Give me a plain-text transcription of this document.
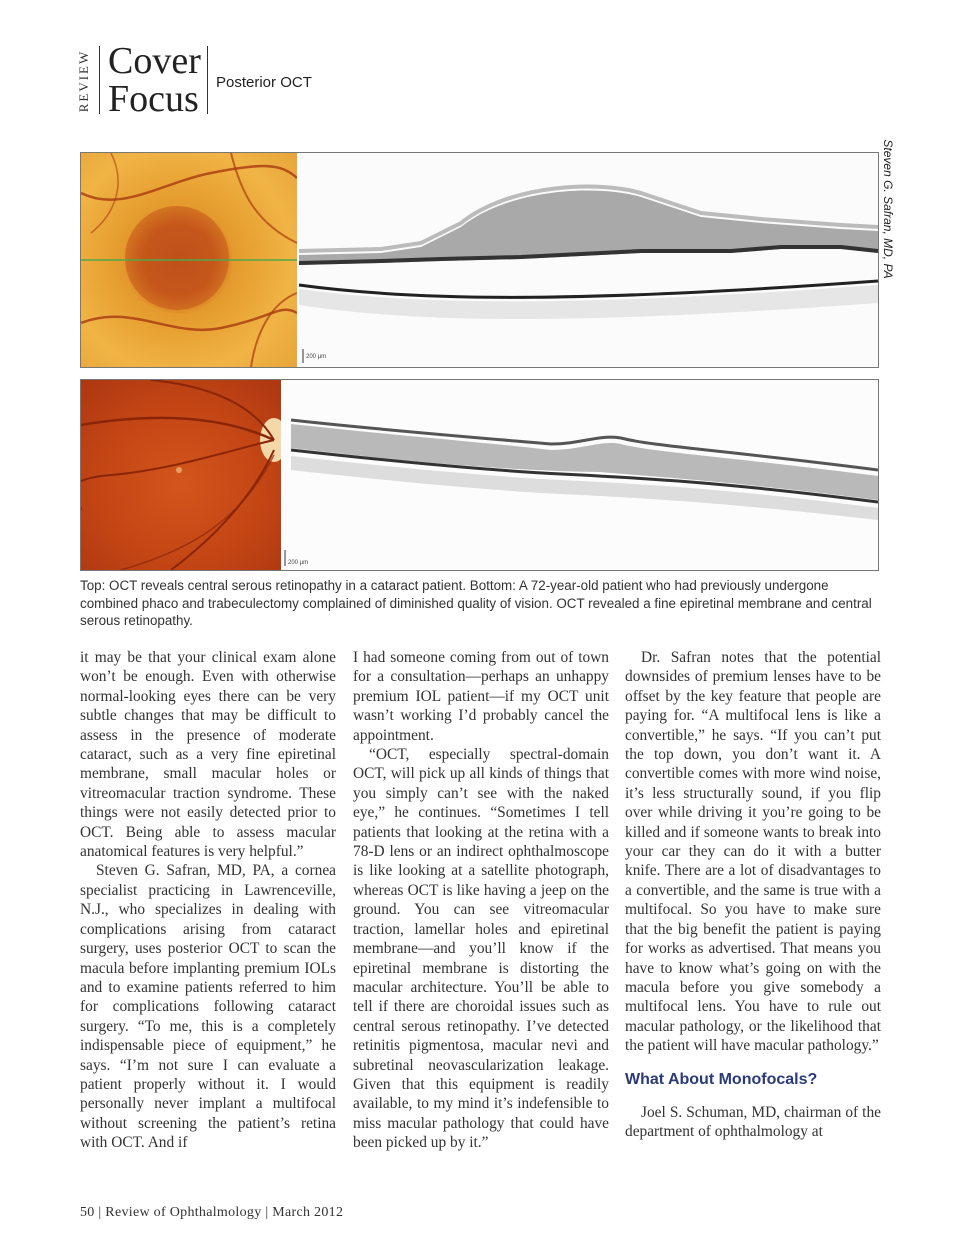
REVIEW Cover
Focus Posterior OCT
200 µm
Steven G. Safran, MD, PA
200 µm
Top: OCT reveals central serous retinopathy in a cataract patient. Bottom: A 72-year-old patient who had previously undergone combined phaco and trabeculectomy complained of diminished quality of vision. OCT revealed a fine epiretinal membrane and central serous retinopathy.

it may be that your clinical exam alone won’t be enough. Even with otherwise normal-looking eyes there can be very subtle changes that may be difficult to assess in the presence of moderate cataract, such as a very fine epiretinal membrane, small macular holes or vitreomacular traction syndrome. These things were not easily detected prior to OCT. Being able to assess macular anatomical features is very helpful.”

Steven G. Safran, MD, PA, a cornea specialist practicing in Lawrenceville, N.J., who specializes in dealing with complications arising from cataract surgery, uses posterior OCT to scan the macula before implanting premium IOLs and to examine patients referred to him for complications following cataract surgery. “To me, this is a completely indispensable piece of equipment,” he says. “I’m not sure I can evaluate a patient properly without it. I would personally never implant a multifocal without screening the patient’s retina with OCT. And if

I had someone coming from out of town for a consultation—perhaps an unhappy premium IOL patient—if my OCT unit wasn’t working I’d probably cancel the appointment.

“OCT, especially spectral-domain OCT, will pick up all kinds of things that you simply can’t see with the naked eye,” he continues. “Sometimes I tell patients that looking at the retina with a 78-D lens or an indirect ophthalmoscope is like looking at a satellite photograph, whereas OCT is like having a jeep on the ground. You can see vitreomacular traction, lamellar holes and epiretinal membrane—and you’ll know if the epiretinal membrane is distorting the macular architecture. You’ll be able to tell if there are choroidal issues such as central serous retinopathy. I’ve detected retinitis pigmentosa, macular nevi and subretinal neovascularization leakage. Given that this equipment is readily available, to my mind it’s indefensible to miss macular pathology that could have been picked up by it.”

Dr. Safran notes that the potential downsides of premium lenses have to be offset by the key feature that people are paying for. “A multifocal lens is like a convertible,” he says. “If you can’t put the top down, you don’t want it. A convertible comes with more wind noise, it’s less structurally sound, if you flip over while driving it you’re going to be killed and if someone wants to break into your car they can do it with a butter knife. There are a lot of disadvantages to a convertible, and the same is true with a multifocal. So you have to make sure that the big benefit the patient is paying for works as advertised. That means you have to know what’s going on with the macula before you give somebody a multifocal lens. You have to rule out macular pathology, or the likelihood that the patient will have macular pathology.”

What About Monofocals?

Joel S. Schuman, MD, chairman of the department of ophthalmology at

50 | Review of Ophthalmology | March 2012
